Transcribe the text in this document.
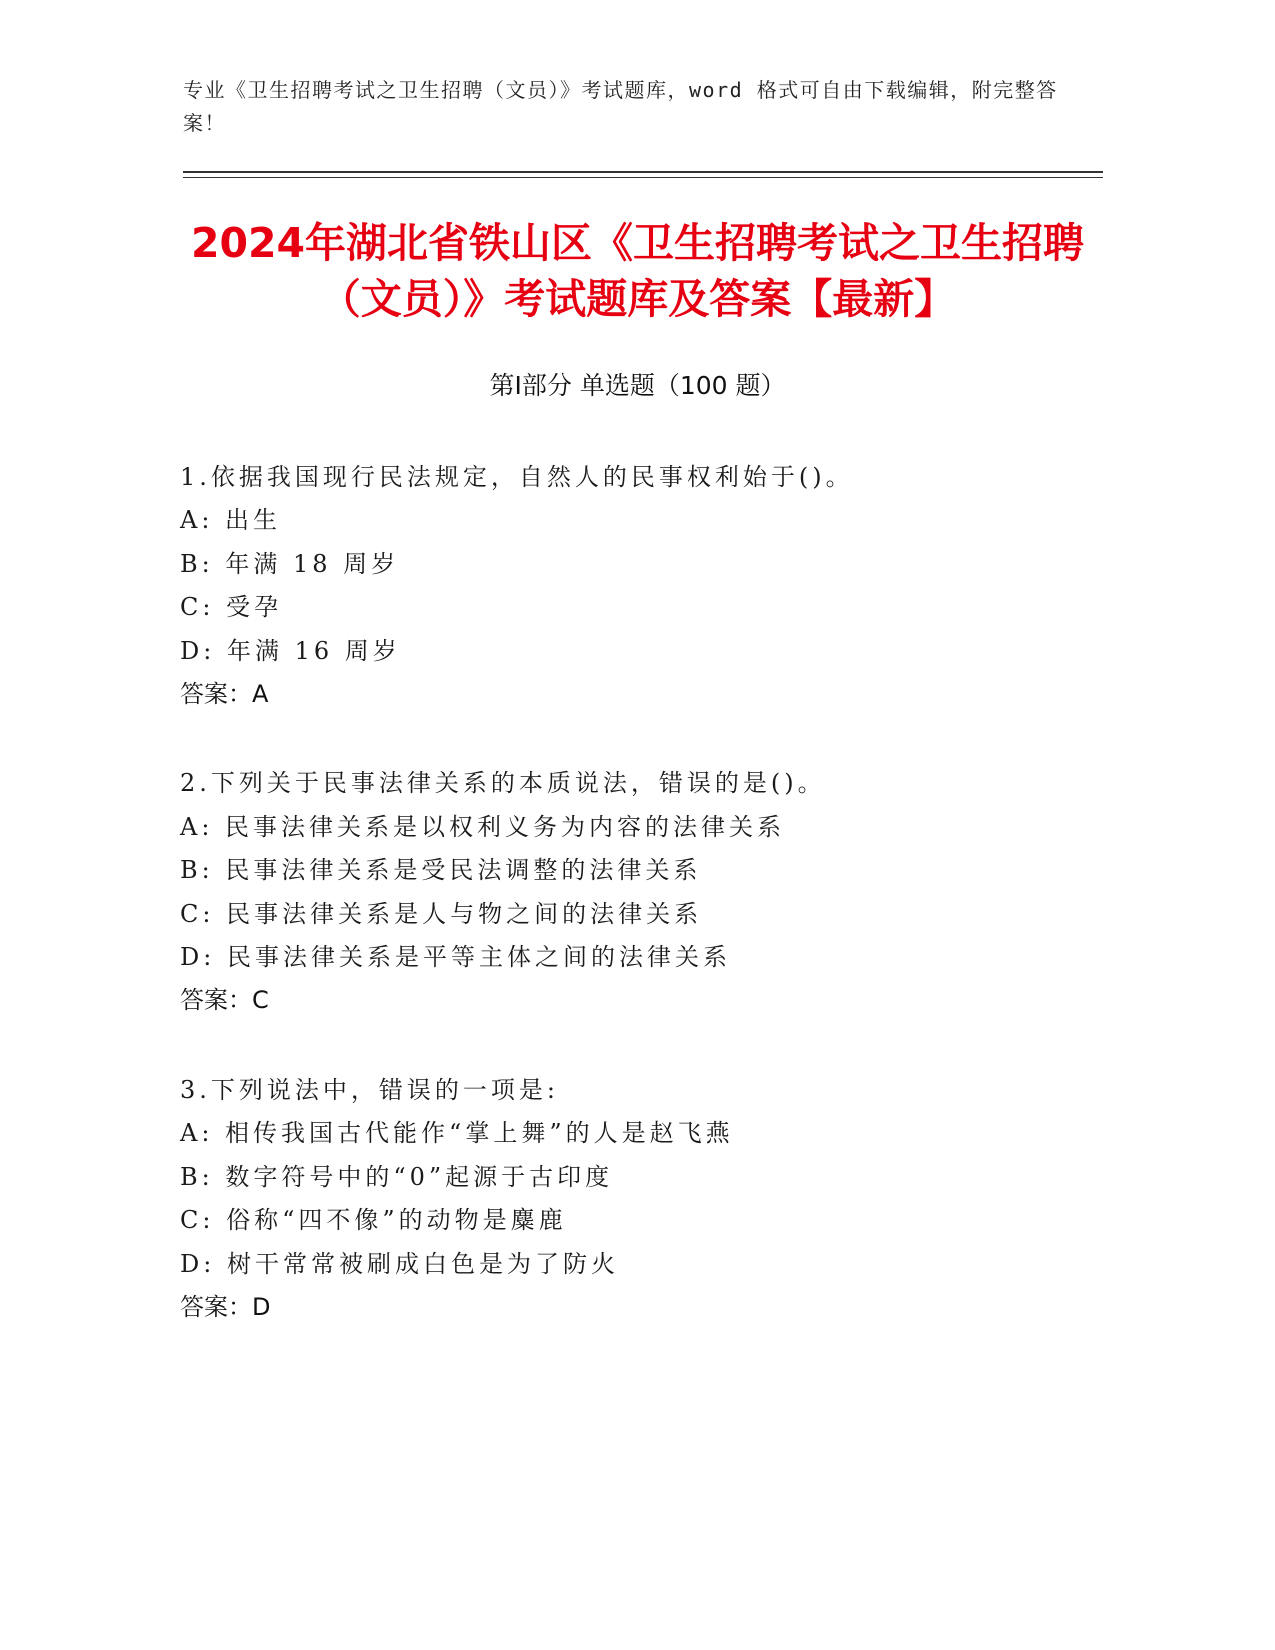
专业《卫生招聘考试之卫生招聘（文员）》考试题库，word 格式可自由下载编辑，附完整答案！
2024年湖北省铁山区《卫生招聘考试之卫生招聘（文员）》考试题库及答案【最新】
第Ⅰ部分 单选题（100 题）
1.依据我国现行民法规定，自然人的民事权利始于()。
A: 出生
B: 年满 18 周岁
C: 受孕
D: 年满 16 周岁
答案：A
2.下列关于民事法律关系的本质说法，错误的是()。
A: 民事法律关系是以权利义务为内容的法律关系
B: 民事法律关系是受民法调整的法律关系
C: 民事法律关系是人与物之间的法律关系
D: 民事法律关系是平等主体之间的法律关系
答案：C
3.下列说法中，错误的一项是:
A: 相传我国古代能作“掌上舞”的人是赵飞燕
B: 数字符号中的“0”起源于古印度
C: 俗称“四不像”的动物是麋鹿
D: 树干常常被刷成白色是为了防火
答案：D
